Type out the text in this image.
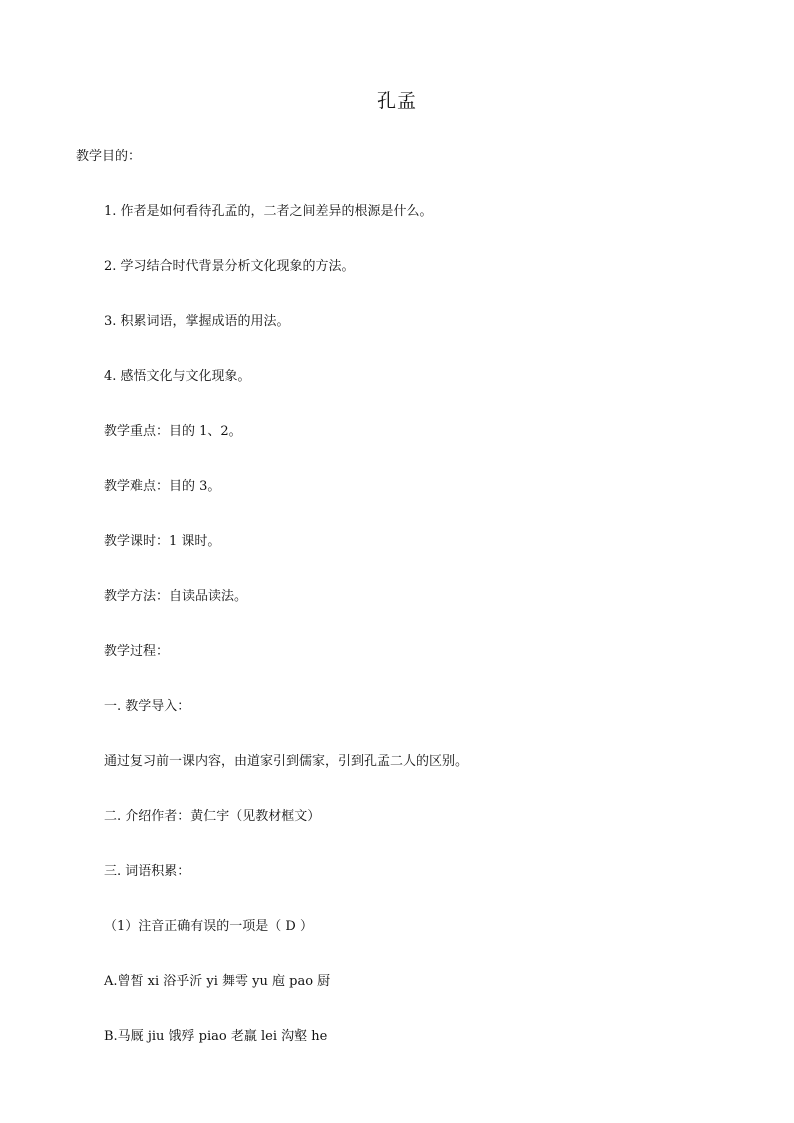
孔孟
教学目的：
1. 作者是如何看待孔孟的，二者之间差异的根源是什么。
2. 学习结合时代背景分析文化现象的方法。
3. 积累词语，掌握成语的用法。
4. 感悟文化与文化现象。
教学重点：目的 1、2。
教学难点：目的 3。
教学课时：1 课时。
教学方法：自读品读法。
教学过程：
一. 教学导入：
通过复习前一课内容，由道家引到儒家，引到孔孟二人的区别。
二. 介绍作者：黄仁宇（见教材框文）
三. 词语积累：
（1）注音正确有误的一项是（ D ）
A.曾皙 xi 浴乎沂 yi 舞雩 yu 庖 pao 厨
B.马厩 jiu 饿殍 piao 老羸 lei 沟壑 he
